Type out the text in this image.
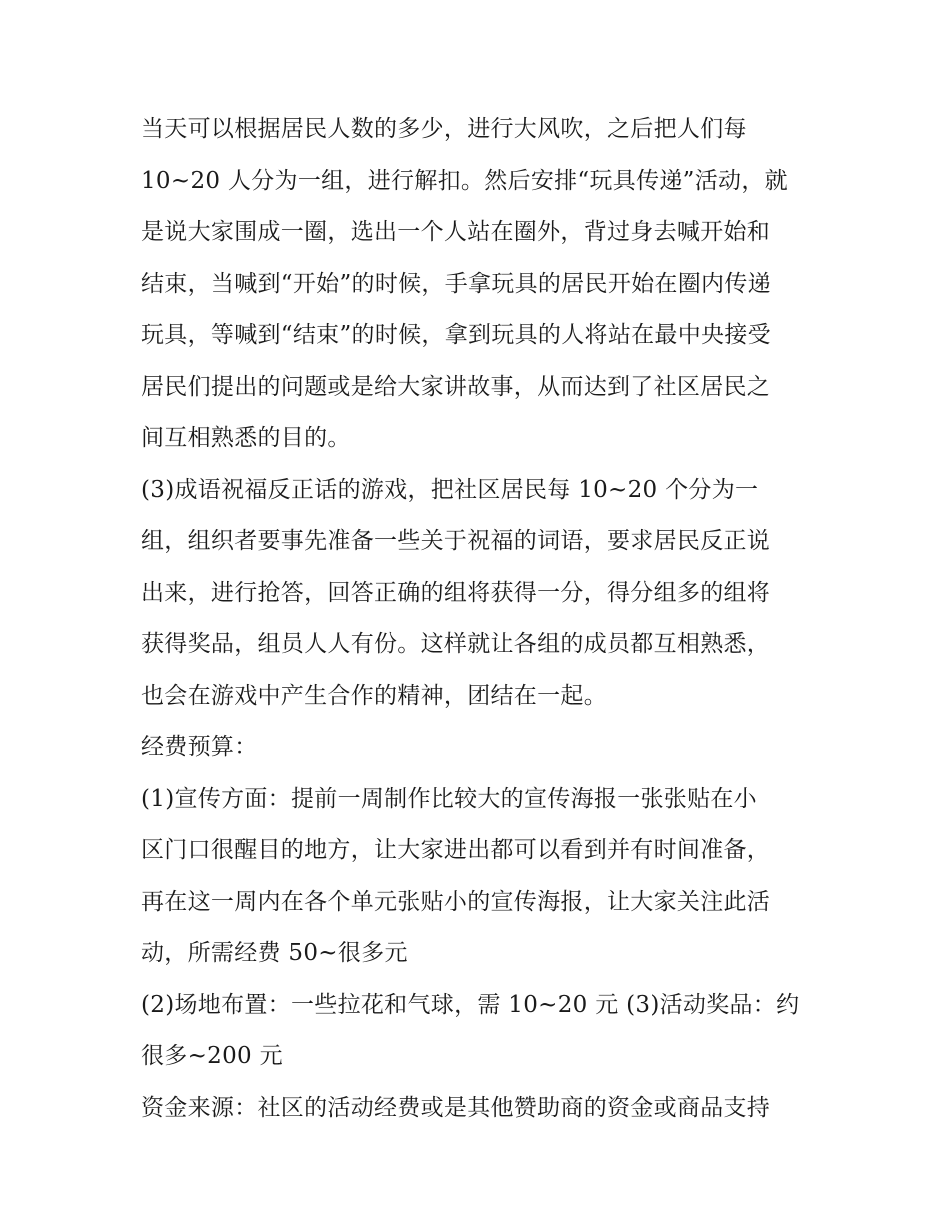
当天可以根据居民人数的多少，进行大风吹，之后把人们每
10~20 人分为一组，进行解扣。然后安排“玩具传递”活动，就
是说大家围成一圈，选出一个人站在圈外，背过身去喊开始和
结束，当喊到“开始”的时候，手拿玩具的居民开始在圈内传递
玩具，等喊到“结束”的时候，拿到玩具的人将站在最中央接受
居民们提出的问题或是给大家讲故事，从而达到了社区居民之
间互相熟悉的目的。
(3)成语祝福反正话的游戏，把社区居民每 10~20 个分为一
组，组织者要事先准备一些关于祝福的词语，要求居民反正说
出来，进行抢答，回答正确的组将获得一分，得分组多的组将
获得奖品，组员人人有份。这样就让各组的成员都互相熟悉，
也会在游戏中产生合作的精神，团结在一起。
经费预算：
(1)宣传方面：提前一周制作比较大的宣传海报一张张贴在小
区门口很醒目的地方，让大家进出都可以看到并有时间准备，
再在这一周内在各个单元张贴小的宣传海报，让大家关注此活
动，所需经费 50~很多元
(2)场地布置：一些拉花和气球，需 10~20 元 (3)活动奖品：约
很多~200 元
资金来源：社区的活动经费或是其他赞助商的资金或商品支持
